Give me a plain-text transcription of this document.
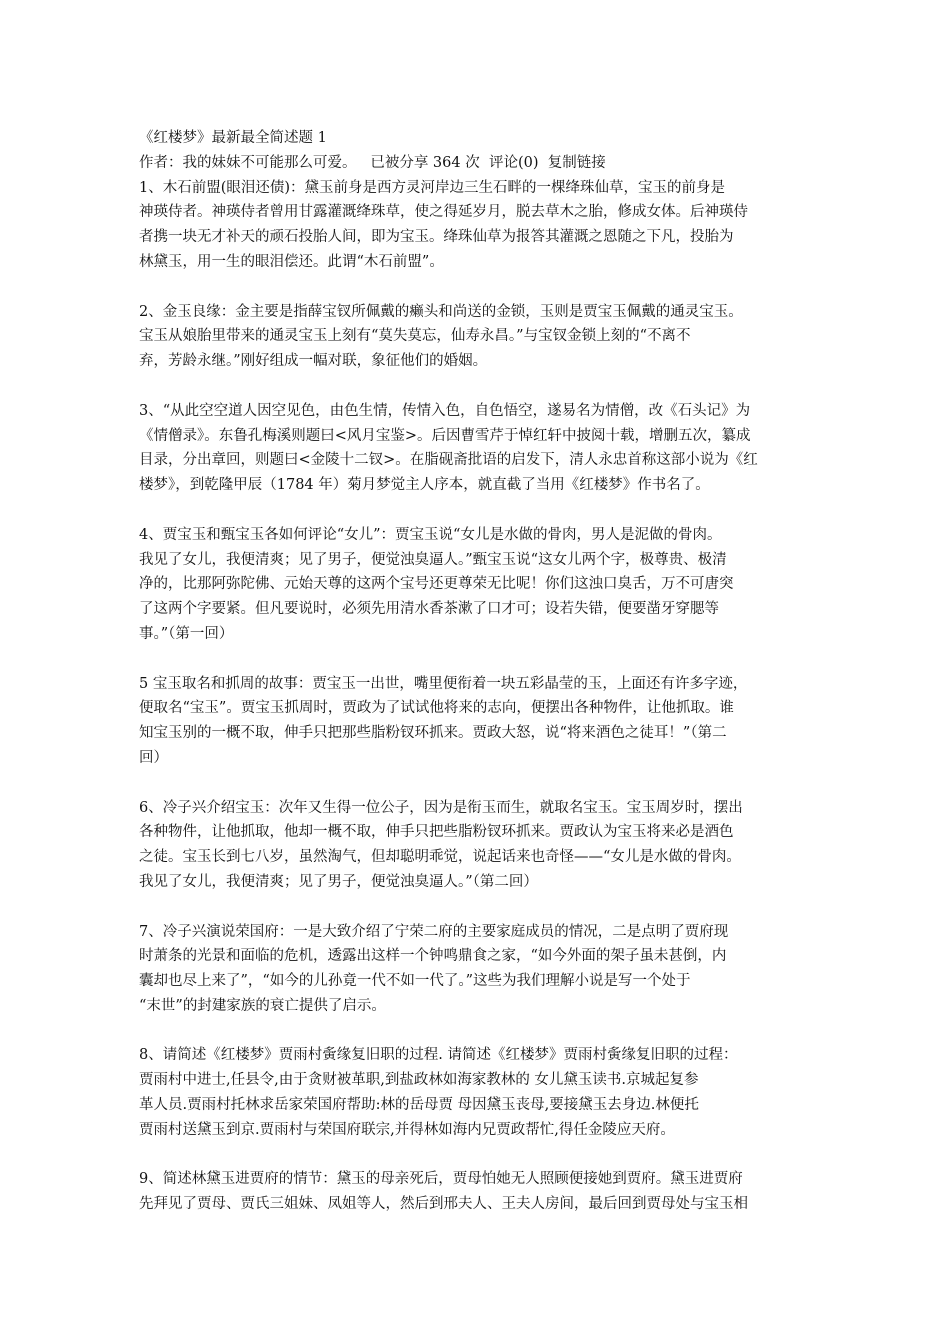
《红楼梦》最新最全简述题 1
作者：我的妹妹不可能那么可爱。 已被分享 364 次 评论(0) 复制链接
1、木石前盟(眼泪还债)：黛玉前身是西方灵河岸边三生石畔的一棵绛珠仙草，宝玉的前身是
神瑛侍者。神瑛侍者曾用甘露灌溉绛珠草，使之得延岁月，脱去草木之胎，修成女体。后神瑛侍
者携一块无才补天的顽石投胎人间，即为宝玉。绛珠仙草为报答其灌溉之恩随之下凡，投胎为
林黛玉，用一生的眼泪偿还。此谓“木石前盟”。
2、金玉良缘：金主要是指薛宝钗所佩戴的癞头和尚送的金锁，玉则是贾宝玉佩戴的通灵宝玉。
宝玉从娘胎里带来的通灵宝玉上刻有“莫失莫忘，仙寿永昌。”与宝钗金锁上刻的“不离不
弃，芳龄永继。”刚好组成一幅对联，象征他们的婚姻。
3、“从此空空道人因空见色，由色生情，传情入色，自色悟空，遂易名为情僧，改《石头记》为
《情僧录》。东鲁孔梅溪则题曰<风月宝鉴>。后因曹雪芹于悼红轩中披阅十载，增删五次，纂成
目录，分出章回，则题曰<金陵十二钗>。在脂砚斋批语的启发下，清人永忠首称这部小说为《红
楼梦》，到乾隆甲辰（1784 年）菊月梦觉主人序本，就直截了当用《红楼梦》作书名了。
4、贾宝玉和甄宝玉各如何评论“女儿”：贾宝玉说“女儿是水做的骨肉，男人是泥做的骨肉。
我见了女儿，我便清爽；见了男子，便觉浊臭逼人。”甄宝玉说“这女儿两个字，极尊贵、极清
净的，比那阿弥陀佛、元始天尊的这两个宝号还更尊荣无比呢！你们这浊口臭舌，万不可唐突
了这两个字要紧。但凡要说时，必须先用清水香茶漱了口才可；设若失错，便要凿牙穿腮等
事。”（第一回）
5 宝玉取名和抓周的故事：贾宝玉一出世，嘴里便衔着一块五彩晶莹的玉，上面还有许多字迹，
便取名“宝玉”。贾宝玉抓周时，贾政为了试试他将来的志向，便摆出各种物件，让他抓取。谁
知宝玉别的一概不取，伸手只把那些脂粉钗环抓来。贾政大怒，说“将来酒色之徒耳！”（第二
回）
6、冷子兴介绍宝玉：次年又生得一位公子，因为是衔玉而生，就取名宝玉。宝玉周岁时，摆出
各种物件，让他抓取，他却一概不取，伸手只把些脂粉钗环抓来。贾政认为宝玉将来必是酒色
之徒。宝玉长到七八岁，虽然淘气，但却聪明乖觉，说起话来也奇怪——“女儿是水做的骨肉。
我见了女儿，我便清爽；见了男子，便觉浊臭逼人。”（第二回）
7、冷子兴演说荣国府：一是大致介绍了宁荣二府的主要家庭成员的情况，二是点明了贾府现
时萧条的光景和面临的危机，透露出这样一个钟鸣鼎食之家，“如今外面的架子虽未甚倒，内
囊却也尽上来了”，“如今的儿孙竟一代不如一代了。”这些为我们理解小说是写一个处于
“末世”的封建家族的衰亡提供了启示。
8、请简述《红楼梦》贾雨村夤缘复旧职的过程. 请简述《红楼梦》贾雨村夤缘复旧职的过程：
贾雨村中进士,任县令,由于贪财被革职,到盐政林如海家教林的 女儿黛玉读书.京城起复参
革人员.贾雨村托林求岳家荣国府帮助:林的岳母贾 母因黛玉丧母,要接黛玉去身边.林便托
贾雨村送黛玉到京.贾雨村与荣国府联宗,并得林如海内兄贾政帮忙,得任金陵应天府。
9、简述林黛玉进贾府的情节：黛玉的母亲死后，贾母怕她无人照顾便接她到贾府。黛玉进贾府
先拜见了贾母、贾氏三姐妹、凤姐等人，然后到邢夫人、王夫人房间，最后回到贾母处与宝玉相
